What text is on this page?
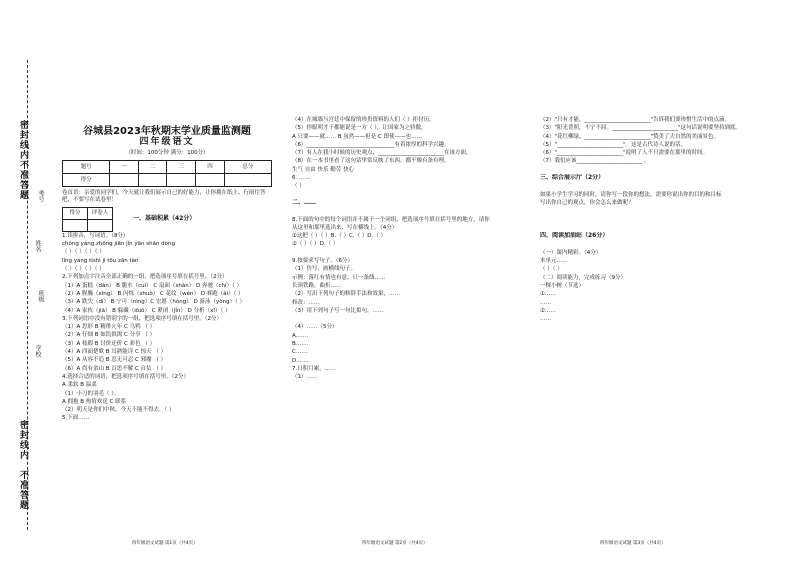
密封线内
不准答题
姓名
学校
密封线内
不准答题
班级
考号
谷城县2023年秋期末学业质量监测题
四年级语文
（时间：100分钟 满分：100分）
题号	一	二	三	四	总分
得分					
卷首语：亲爱的同学们，今天就让我们展示自己的好能力，让你拥在纸上、行雨往答吧，不要写在试卷里！
得分	评卷人

一、基础积累（42分）
1.读拼音，写词语。（8分）
chóng yáng zhōng jiān jǐn yān shān dòng
（ ）（ ）（ ）（ ）
lǐng yáng tíshì jì tōu zān tàn
（ ）（ ）（ ）（ ）
2.下列加点字注音全部正确的一组，把选项序号填在括号里。（2分）
（1）A 蛋糕（dàn） B 脆水（cuì） C 扇面（shān） D 奔驰（chí）（ ）
（2）A 腥臊（xīng） B 闪烁（shuò） C 花纹（wén） D 赛跑（ài）（ ）
（3）A 跌失（dí） B 宁可（nìng）C 宏愿（hóng） D 游泳（yǒng）（ ）
（4）A 家伙（jiā） B 躲藏（duǒ） C 紧闭（jǐn） D 分析（xī）（ ）
3.下列词语中没有错别字的一组，把选项序号填在括号里。（2分）
（1）A 思形 B 精徘亢年 C 乌鸦 （ ）
（2）A 仔细 B 如饥似渴 C 分享 （ ）
（3）A 枝瑕 B 讨价还价 C 彩色 （ ）
（4）A 四面楚歌 B 耳熟能详 C 惊天 （ ）
（5）A 从容不追 B 忍无可忍 C 邪魔 （ ）
（6）A 尚有余山 B 百思不解 C 自负 （ ）
4.选择合适的词语，把选项序号填在括号里。（2分）
A 柔软 B 温柔
（1）小刀的羽毛（ ）。
A 拥抱 B 热情欢送 C 联系
（2）明天是你们中秋，今天不能不得去。（ ）
5.下面……
四年级语文试题 第1页（共4页）
（4）在城墙与宫廷中保留的珍贵资料的人们（ ）拒付历。
（5）你聪明才干都能说是一方（ ），让国家为之骄傲。
A 只要——就…… B 虽然——但是 C 即使——也……
（6）________________________________有着浓厚的科学兴趣。
（7）有人在我小时候的历史观点，________________________在该方面。
（8）在一本书里看了这句话里常反映了东西，都不像有条有理。
生气 自由 快乐 勤劳 快心
6. ……
（ ）
二、……
8.下面的句中的每个词语并不属于一个同组，把选项序号填在括号里的地方，请你
从这里和那里选出来，写在横线上。（4分）
①这把（ ）（ ）B.（ ）C.（ ）D.（ ）
②（ ）（ ）D.（ ）
9.按要求写句子。（6分）
（1）仿写，画横线句子。
示例：落红有情也有意，只一条线……
长领铁路，曲折……
（2）写出下列句子的修辞手法和效果，……
修改：……
（3）用下列句子写一句比拟句，……
（4）……（5分）
A.……
B.……
C.……
D.……
7.日积月累。……
（1）……
四年级语文试题 第2页（共4页）
（2）"只有才能，________________________"告诉我们要珍惜生活中的点滴。
（3）"阳光普照，不宁不屈。________________________"这句话说明要坚持到底。
（4）"花红柳绿，________________________"赞美了大自然的美丽景色。
（5）"________________________"。这是古代诗人说的话。
（6）"________________________"说明了人不只需要在那里的时间。
（7）我们应该________________________ 。
三、综合展示厅（2分）
如果小学生学习的同时，请你写一段你的想法，需要你说出你的目的和目标
写出你自己的观点，你会怎么来做呢？
四、阅读加油站（26分）
（一）课内精彩。（4分）
本单元……
（ ）（ ）
（二）阅读能力，完成练习（9分）
一棵小树（节选）
①……
……
②……
……
四年级语文试题 第3页（共4页）
